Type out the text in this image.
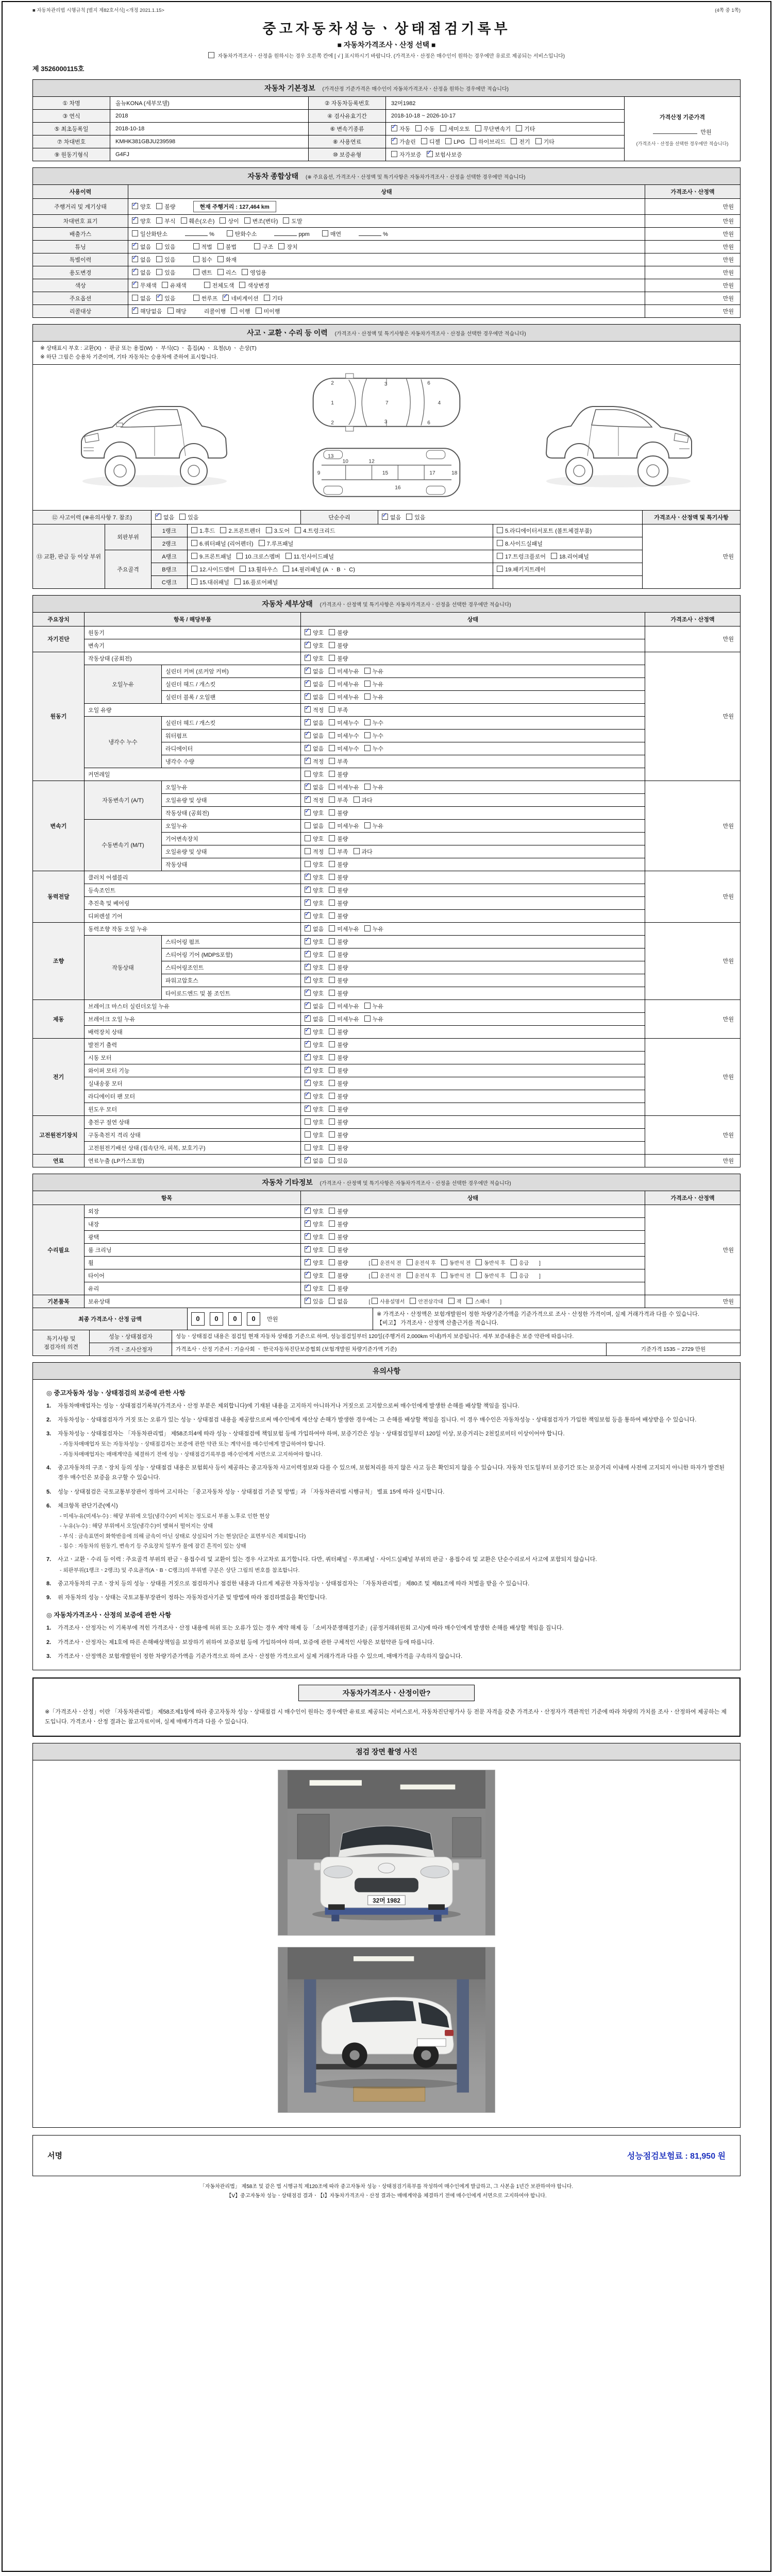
■ 자동차관리법 시행규칙 [별지 제82호서식] <개정 2021.1.15>	(4쪽 중 1쪽)
중고자동차성능ㆍ상태점검기록부
■ 자동차가격조사ㆍ산정 선택 ■
자동차가격조사ㆍ산정을 원하시는 경우 오른쪽 칸에 [ √ ] 표시하시기 바랍니다. (가격조사ㆍ산정은 매수인이 원하는 경우에만 유료로 제공되는 서비스입니다)
제 3526000115호
자동차 기본정보 (가격산정 기준가격은 매수인이 자동차가격조사ㆍ산정을 원하는 경우에만 적습니다)
① 차명	올뉴KONA (세부모델)	② 자동차등록번호	32머1982	가격산정 기준가격
만원
(가격조사ㆍ산정을 선택한 경우에만 적습니다)

③ 연식	2018	④ 검사유효기간	2018-10-18 ~ 2026-10-17	
⑤ 최초등록일	2018-10-18	⑥ 변속기종류	✓자동 수동 세미오토 무단변속기 기타
⑦ 차대번호	KMHK381GBJU239598	⑧ 사용연료	✓가솔린 디젤 LPG 하이브리드 전기 기타
⑨ 원동기형식	G4FJ	⑩ 보증유형	자가보증 ✓ 보험사보증
자동차 종합상태 (※ 주요옵션, 가격조사ㆍ산정액 및 특기사항은 자동차가격조사ㆍ산정을 선택한 경우에만 적습니다)
사용이력	상태	가격조사ㆍ산정액
주행거리 및 계기상태	✓양호 불량 현재 주행거리 : 127,464 km	만원
차대번호 표기	✓양호 부식 훼손(오손) 상이 변조(변타) 도말	만원
배출가스	일산화탄소 % 탄화수소 ppm 매연 %	만원
튜닝	✓없음 있음 적법 불법 구조 장치	만원
특별이력	✓없음 있음 침수 화재	만원
용도변경	✓없음 있음 렌트 리스 영업용	만원
색상	✓무채색 유채색 전체도색 색상변경	만원
주요옵션	없음 ✓ 있음 썬루프 ✓ 네비게이션 기타	만원
리콜대상	✓해당없음 해당 리콜이행 이행 미이행	만원
사고ㆍ교환ㆍ수리 등 이력 (가격조사ㆍ산정액 및 특기사항은 자동차가격조사ㆍ산정을 선택한 경우에만 적습니다)
※ 상태표시 부호 : 교환(X) ㆍ 판금 또는 용접(W) ㆍ 부식(C) ㆍ 흠집(A) ㆍ 요철(U) ㆍ 손상(T)
※ 하단 그림은 승용차 기준이며, 기타 자동차는 승용차에 준하여 표시합니다.
1
2
2
3
3
7
6
6
4
9
10	12
13
15
16
17	18
⑫ 사고이력 (※유의사항 7. 참조)	✓없음 있음	단순수리	✓없음 있음	가격조사ㆍ산정액 및 특기사항
⑬ 교환, 판금 등 이상 부위	외판부위	1랭크	1.후드 2.프론트펜더 3.도어 4.트렁크리드	5.라디에이터서포트 (볼트체결부품)	만원
		2랭크	6.쿼터패널 (리어펜더) 7.루프패널	8.사이드실패널	
	주요골격	A랭크	9.프론트패널 10.크로스멤버 11.인사이드패널	17.트렁크플로어 18.리어패널	
		B랭크	12.사이드멤버 13.휠하우스 14.필러패널 (A ㆍ B ㆍ C)	19.패키지트레이	
		C랭크	15.대쉬패널 16.플로어패널		
자동차 세부상태 (가격조사ㆍ산정액 및 특기사항은 자동차가격조사ㆍ산정을 선택한 경우에만 적습니다)
주요장치	항목 / 해당부품		상태	가격조사ㆍ산정액
자기진단	원동기	✓양호 불량	만원
	변속기	✓양호 불량
원동기	작동상태 (공회전)	✓양호 불량	만원
	오일누유	실린더 커버 (로커암 커버)	✓없음 미세누유 누유
		실린더 헤드 / 개스킷	✓없음 미세누유 누유
		실린더 블록 / 오일팬	✓없음 미세누유 누유
	오일 유량	✓적정 부족
	냉각수 누수	실린더 헤드 / 개스킷	✓없음 미세누수 누수
		워터펌프	✓없음 미세누수 누수
		라디에이터	✓없음 미세누수 누수
		냉각수 수량	✓적정 부족
	커먼레일		양호 불량	
변속기	자동변속기 (A/T)	오일누유	✓없음 미세누유 누유	만원
		오일유량 및 상태	✓적정 부족 과다
		작동상태 (공회전)	✓양호 불량
	수동변속기 (M/T)	오일누유	없음 미세누유 누유	
		기어변속장치	양호 불량	
		오일유량 및 상태	적정 부족 과다	
		작동상태	양호 불량	
동력전달	클러치 어셈블리	✓양호 불량	만원
	등속조인트	✓양호 불량
	추진축 및 베어링	✓양호 불량
	디퍼렌셜 기어	✓양호 불량
조향	동력조향 작동 오일 누유	✓없음 미세누유 누유	만원
	작동상태	스티어링 펌프	✓양호 불량
		스티어링 기어 (MDPS포함)	✓양호 불량
		스티어링조인트	✓양호 불량
		파워고압호스	✓양호 불량
		타이로드엔드 및 볼 조인트	✓양호 불량
제동	브레이크 마스터 실린더오일 누유	✓없음 미세누유 누유	만원
	브레이크 오일 누유	✓없음 미세누유 누유
	배력장치 상태	✓양호 불량
전기	발전기 출력	✓양호 불량	만원
	시동 모터	✓양호 불량
	와이퍼 모터 기능	✓양호 불량
	실내송풍 모터	✓양호 불량
	라디에이터 팬 모터	✓양호 불량
	윈도우 모터	✓양호 불량
고전원전기장치	충전구 절연 상태		양호 불량	만원
	구동축전지 격리 상태		양호 불량	
	고전원전기배선 상태 (접속단자, 피복, 보호기구)		양호 불량	
연료	연료누출 (LP가스포함)	✓없음 있음	만원
자동차 기타정보 (가격조사ㆍ산정액 및 특기사항은 자동차가격조사ㆍ산정을 선택한 경우에만 적습니다)
항목		상태	가격조사ㆍ산정액
수리필요	외장	✓양호 불량	만원
	내장	✓양호 불량
	광택	✓양호 불량
	룸 크리닝	✓양호 불량
	휠	✓양호 불량 [ 운전석 전 운전석 후 동반석 전 동반석 후 응급 ]
	타이어	✓양호 불량 [ 운전석 전 운전석 후 동반석 전 동반석 후 응급 ]
	유리	✓양호 불량
기본품목	보유상태	✓있음 없음 [ 사용설명서 안전삼각대 잭 스패너 ]	만원
최종 가격조사ㆍ산정 금액	0 0 0 0 만원	
※ 가격조사ㆍ산정액은 보험개발원이 정한 차량기준가액을 기준가격으로 조사ㆍ산정한 가격이며, 실제 거래가격과 다를 수 있습니다.
【비고】 가격조사ㆍ산정액 산출근거를 적습니다.
특기사항 및 점검자의 의견	성능ㆍ상태점검자	성능ㆍ상태점검 내용은 점검일 현재 자동차 상태를 기준으로 하며, 성능점검일부터 120일(주행거리 2,000km 이내)까지 보증됩니다. 세부 보증내용은 보증 약관에 따릅니다.	
	가격ㆍ조사산정자	가격조사ㆍ산정 기준서 : 기술사회 ㆍ 한국자동차진단보증협회 (보험개발원 차량기준가액 기준)	기준가격 1535 ~ 2729 만원
유의사항
◎ 중고자동차 성능ㆍ상태점검의 보증에 관한 사항
1.	자동차매매업자는 성능ㆍ상태점검기록부(가격조사ㆍ산정 부분은 제외합니다)에 기재된 내용을 고지하지 아니하거나 거짓으로 고지함으로써 매수인에게 발생한 손해를 배상할 책임을 집니다.
2.	자동차성능ㆍ상태점검자가 거짓 또는 오류가 있는 성능ㆍ상태점검 내용을 제공함으로써 매수인에게 재산상 손해가 발생한 경우에는 그 손해를 배상할 책임을 집니다. 이 경우 매수인은 자동차성능ㆍ상태점검자가 가입한 책임보험 등을 통하여 배상받을 수 있습니다.
3.	자동차성능ㆍ상태점검자는 「자동차관리법」 제58조의4에 따라 성능ㆍ상태점검에 책임보험 등에 가입하여야 하며, 보증기간은 성능ㆍ상태점검일부터 120일 이상, 보증거리는 2천킬로미터 이상이어야 합니다.
- 자동차매매업자 또는 자동차성능ㆍ상태점검자는 보증에 관한 약관 또는 계약서를 매수인에게 발급하여야 합니다.
- 자동차매매업자는 매매계약을 체결하기 전에 성능ㆍ상태점검기록부를 매수인에게 서면으로 고지하여야 합니다.
4.	중고자동차의 구조ㆍ장치 등의 성능ㆍ상태점검 내용은 보험회사 등이 제공하는 중고자동차 사고이력정보와 다를 수 있으며, 보험처리를 하지 않은 사고 등은 확인되지 않을 수 있습니다. 자동차 인도일부터 보증기간 또는 보증거리 이내에 사전에 고지되지 아니한 하자가 발견된 경우 매수인은 보증을 요구할 수 있습니다.
5.	성능ㆍ상태점검은 국토교통부장관이 정하여 고시하는 「중고자동차 성능ㆍ상태점검 기준 및 방법」과 「자동차관리법 시행규칙」 별표 15에 따라 실시합니다.
6.	체크항목 판단기준(예시)
- 미세누유(미세누수) : 해당 부위에 오일(냉각수)이 비치는 정도로서 부품 노후로 인한 현상
- 누유(누수) : 해당 부위에서 오일(냉각수)이 맺혀서 떨어지는 상태
- 부식 : 금속표면이 화학반응에 의해 금속이 아닌 상태로 상실되어 가는 현상(단순 표면부식은 제외합니다)
- 침수 : 자동차의 원동기, 변속기 등 주요장치 일부가 물에 잠긴 흔적이 있는 상태
7.	사고ㆍ교환ㆍ수리 등 이력 : 주요골격 부위의 판금ㆍ용접수리 및 교환이 있는 경우 사고차로 표기합니다. 다만, 쿼터패널ㆍ루프패널ㆍ사이드실패널 부위의 판금ㆍ용접수리 및 교환은 단순수리로서 사고에 포함되지 않습니다.
- 외판부위(1랭크ㆍ2랭크) 및 주요골격(AㆍBㆍC랭크)의 부위별 구분은 상단 그림의 번호를 참조합니다.
8.	중고자동차의 구조ㆍ장치 등의 성능ㆍ상태를 거짓으로 점검하거나 점검한 내용과 다르게 제공한 자동차성능ㆍ상태점검자는 「자동차관리법」 제80조 및 제81조에 따라 처벌을 받을 수 있습니다.
9.	위 자동차의 성능ㆍ상태는 국토교통부장관이 정하는 자동차검사기준 및 방법에 따라 점검하였음을 확인합니다.
◎ 자동차가격조사ㆍ산정의 보증에 관한 사항
1.	가격조사ㆍ산정자는 이 기록부에 적힌 가격조사ㆍ산정 내용에 허위 또는 오류가 있는 경우 계약 해제 등 「소비자분쟁해결기준」(공정거래위원회 고시)에 따라 매수인에게 발생한 손해를 배상할 책임을 집니다.
2.	가격조사ㆍ산정자는 제1호에 따른 손해배상책임을 보장하기 위하여 보증보험 등에 가입하여야 하며, 보증에 관한 구체적인 사항은 보험약관 등에 따릅니다.
3.	가격조사ㆍ산정액은 보험개발원이 정한 차량기준가액을 기준가격으로 하여 조사ㆍ산정한 가격으로서 실제 거래가격과 다를 수 있으며, 매매가격을 구속하지 않습니다.
자동차가격조사ㆍ산정이란?
※「가격조사ㆍ산정」이란 「자동차관리법」 제58조제1항에 따라 중고자동차 성능ㆍ상태점검 시 매수인이 원하는 경우에만 유료로 제공되는 서비스로서, 자동차진단평가사 등 전문 자격을 갖춘 가격조사ㆍ산정자가 객관적인 기준에 따라 차량의 가치를 조사ㆍ산정하여 제공하는 제도입니다. 가격조사ㆍ산정 결과는 참고자료이며, 실제 매매가격과 다를 수 있습니다.
점검 장면 촬영 사진
32머 1982
서명	성능점검보험료 : 81,950 원
「자동차관리법」 제58조 및 같은 법 시행규칙 제120조에 따라 중고자동차 성능ㆍ상태점검기록부를 작성하여 매수인에게 발급하고, 그 사본을 1년간 보관하여야 합니다.
【Ⅴ】중고자동차 성능ㆍ상태점검 결과ㆍ【Ⅰ】자동차가격조사ㆍ산정 결과는 매매계약을 체결하기 전에 매수인에게 서면으로 고지하여야 합니다.
